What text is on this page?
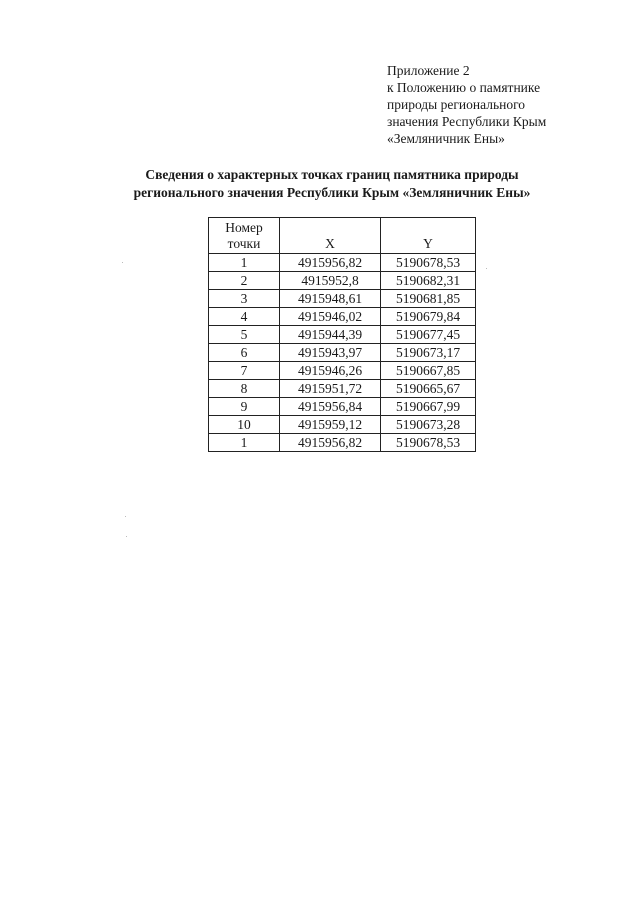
Приложение 2
к Положению о памятнике
природы регионального
значения Республики Крым
«Земляничник Ены»
Сведения о характерных точках границ памятника природы
регионального значения Республики Крым «Земляничник Ены»
Номер
точки	X	Y
1	4915956,82	5190678,53
2	4915952,8	5190682,31
3	4915948,61	5190681,85
4	4915946,02	5190679,84
5	4915944,39	5190677,45
6	4915943,97	5190673,17
7	4915946,26	5190667,85
8	4915951,72	5190665,67
9	4915956,84	5190667,99
10	4915959,12	5190673,28
1	4915956,82	5190678,53
